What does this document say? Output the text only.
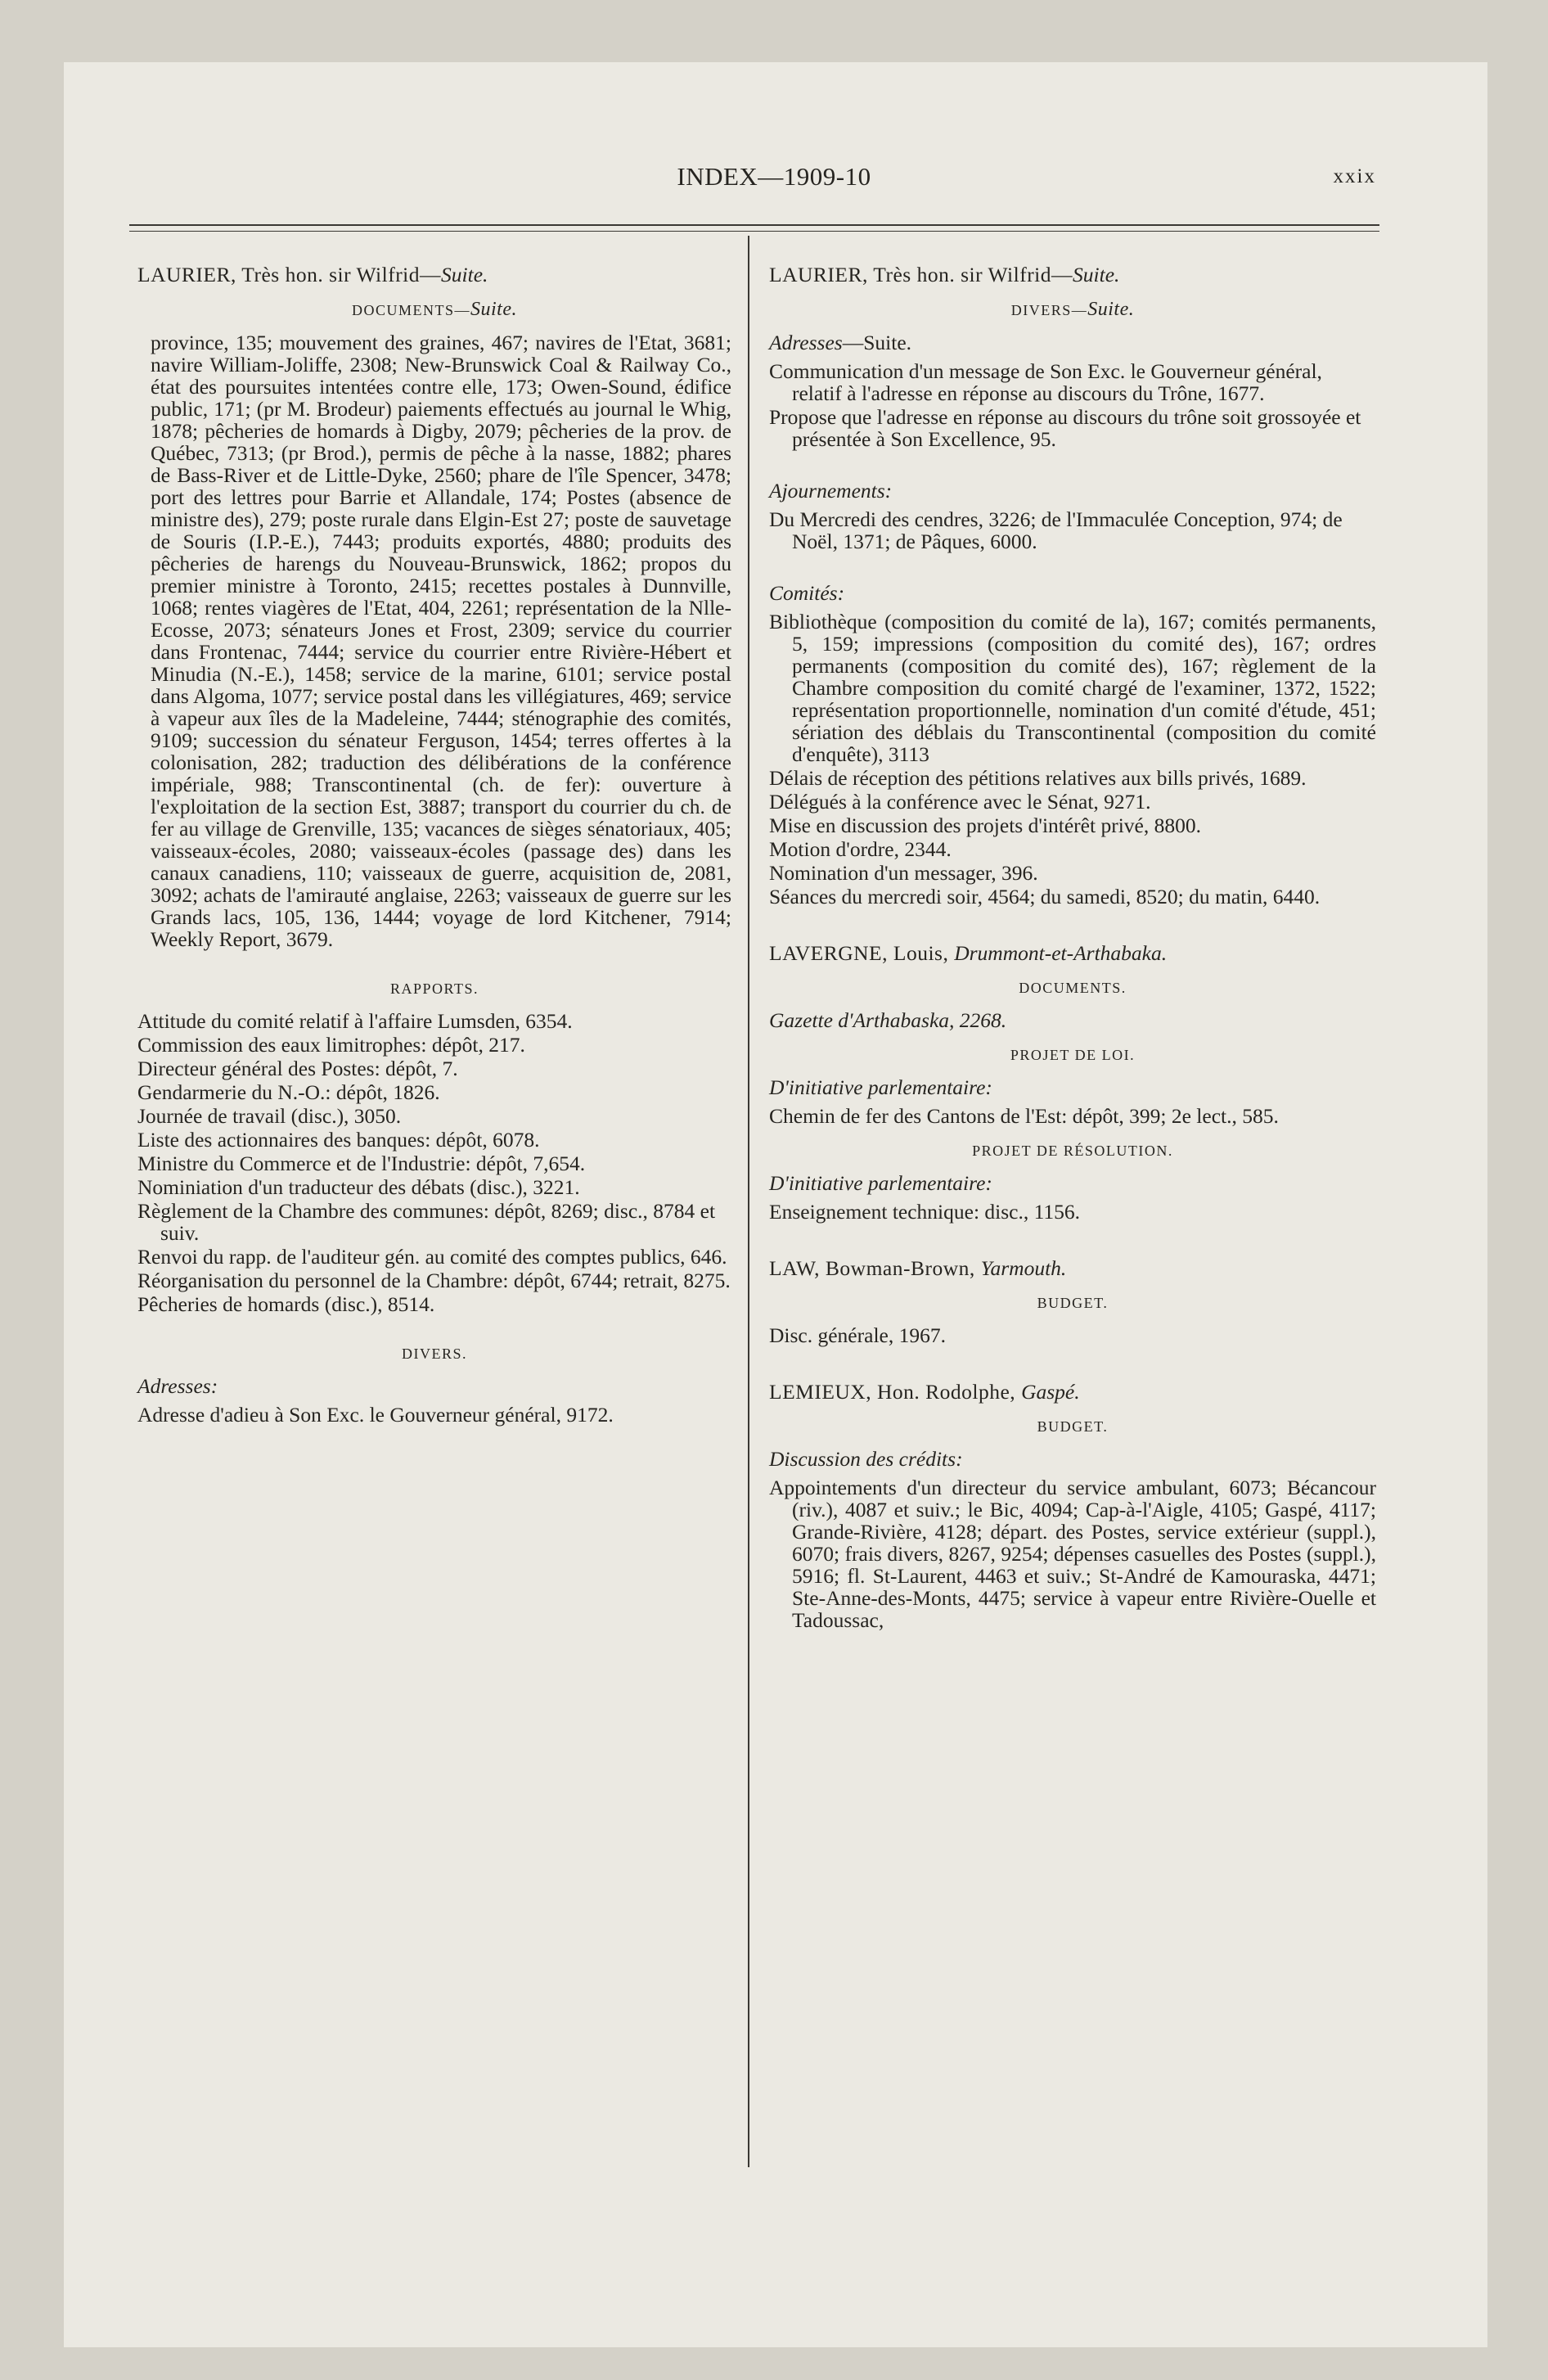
INDEX—1909-10	xxix
LAURIER, Très hon. sir Wilfrid—Suite.
DOCUMENTS—Suite.

province, 135; mouvement des graines, 467; navires de l'Etat, 3681; navire William-Joliffe, 2308; New-Brunswick Coal & Railway Co., état des poursuites intentées contre elle, 173; Owen-Sound, édifice public, 171; (pr M. Brodeur) paiements effectués au journal le Whig, 1878; pêcheries de homards à Digby, 2079; pêcheries de la prov. de Québec, 7313; (pr Brod.), permis de pêche à la nasse, 1882; phares de Bass-River et de Little-Dyke, 2560; phare de l'île Spencer, 3478; port des lettres pour Barrie et Allandale, 174; Postes (absence de ministre des), 279; poste rurale dans Elgin-Est 27; poste de sauvetage de Souris (I.P.-E.), 7443; produits exportés, 4880; produits des pêcheries de harengs du Nouveau-Brunswick, 1862; propos du premier ministre à Toronto, 2415; recettes postales à Dunnville, 1068; rentes viagères de l'Etat, 404, 2261; représentation de la Nlle-Ecosse, 2073; sénateurs Jones et Frost, 2309; service du courrier dans Frontenac, 7444; service du courrier entre Rivière-Hébert et Minudia (N.-E.), 1458; service de la marine, 6101; service postal dans Algoma, 1077; service postal dans les villégiatures, 469; service à vapeur aux îles de la Madeleine, 7444; sténographie des comités, 9109; succession du sénateur Ferguson, 1454; terres offertes à la colonisation, 282; traduction des délibérations de la conférence impériale, 988; Transcontinental (ch. de fer): ouverture à l'exploitation de la section Est, 3887; transport du courrier du ch. de fer au village de Grenville, 135; vacances de sièges sénatoriaux, 405; vaisseaux-écoles, 2080; vaisseaux-écoles (passage des) dans les canaux canadiens, 110; vaisseaux de guerre, acquisition de, 2081, 3092; achats de l'amirauté anglaise, 2263; vaisseaux de guerre sur les Grands lacs, 105, 136, 1444; voyage de lord Kitchener, 7914; Weekly Report, 3679.

RAPPORTS.

Attitude du comité relatif à l'affaire Lumsden, 6354.

Commission des eaux limitrophes: dépôt, 217.

Directeur général des Postes: dépôt, 7.

Gendarmerie du N.-O.: dépôt, 1826.

Journée de travail (disc.), 3050.

Liste des actionnaires des banques: dépôt, 6078.

Ministre du Commerce et de l'Industrie: dépôt, 7,654.

Nominiation d'un traducteur des débats (disc.), 3221.

Règlement de la Chambre des communes: dépôt, 8269; disc., 8784 et suiv.

Renvoi du rapp. de l'auditeur gén. au comité des comptes publics, 646.

Réorganisation du personnel de la Chambre: dépôt, 6744; retrait, 8275.

Pêcheries de homards (disc.), 8514.

DIVERS.
Adresses:

Adresse d'adieu à Son Exc. le Gouverneur général, 9172.

LAURIER, Très hon. sir Wilfrid—Suite.
DIVERS—Suite.
Adresses—Suite.

Communication d'un message de Son Exc. le Gouverneur général, relatif à l'adresse en réponse au discours du Trône, 1677.

Propose que l'adresse en réponse au discours du trône soit grossoyée et présentée à Son Excellence, 95.

Ajournements:

Du Mercredi des cendres, 3226; de l'Immaculée Conception, 974; de Noël, 1371; de Pâques, 6000.

Comités:

Bibliothèque (composition du comité de la), 167; comités permanents, 5, 159; impressions (composition du comité des), 167; ordres permanents (composition du comité des), 167; règlement de la Chambre composition du comité chargé de l'examiner, 1372, 1522; représentation proportionnelle, nomination d'un comité d'étude, 451; sériation des déblais du Transcontinental (composition du comité d'enquête), 3113

Délais de réception des pétitions relatives aux bills privés, 1689.

Délégués à la conférence avec le Sénat, 9271.

Mise en discussion des projets d'intérêt privé, 8800.

Motion d'ordre, 2344.

Nomination d'un messager, 396.

Séances du mercredi soir, 4564; du samedi, 8520; du matin, 6440.

LAVERGNE, Louis, Drummont-et-Arthabaka.
DOCUMENTS.

Gazette d'Arthabaska, 2268.

PROJET DE LOI.
D'initiative parlementaire:

Chemin de fer des Cantons de l'Est: dépôt, 399; 2e lect., 585.

PROJET DE RÉSOLUTION.
D'initiative parlementaire:

Enseignement technique: disc., 1156.

LAW, Bowman-Brown, Yarmouth.
BUDGET.

Disc. générale, 1967.

LEMIEUX, Hon. Rodolphe, Gaspé.
BUDGET.
Discussion des crédits:

Appointements d'un directeur du service ambulant, 6073; Bécancour (riv.), 4087 et suiv.; le Bic, 4094; Cap-à-l'Aigle, 4105; Gaspé, 4117; Grande-Rivière, 4128; départ. des Postes, service extérieur (suppl.), 6070; frais divers, 8267, 9254; dépenses casuelles des Postes (suppl.), 5916; fl. St-Laurent, 4463 et suiv.; St-André de Kamouraska, 4471; Ste-Anne-des-Monts, 4475; service à vapeur entre Rivière-Ouelle et Tadoussac,
